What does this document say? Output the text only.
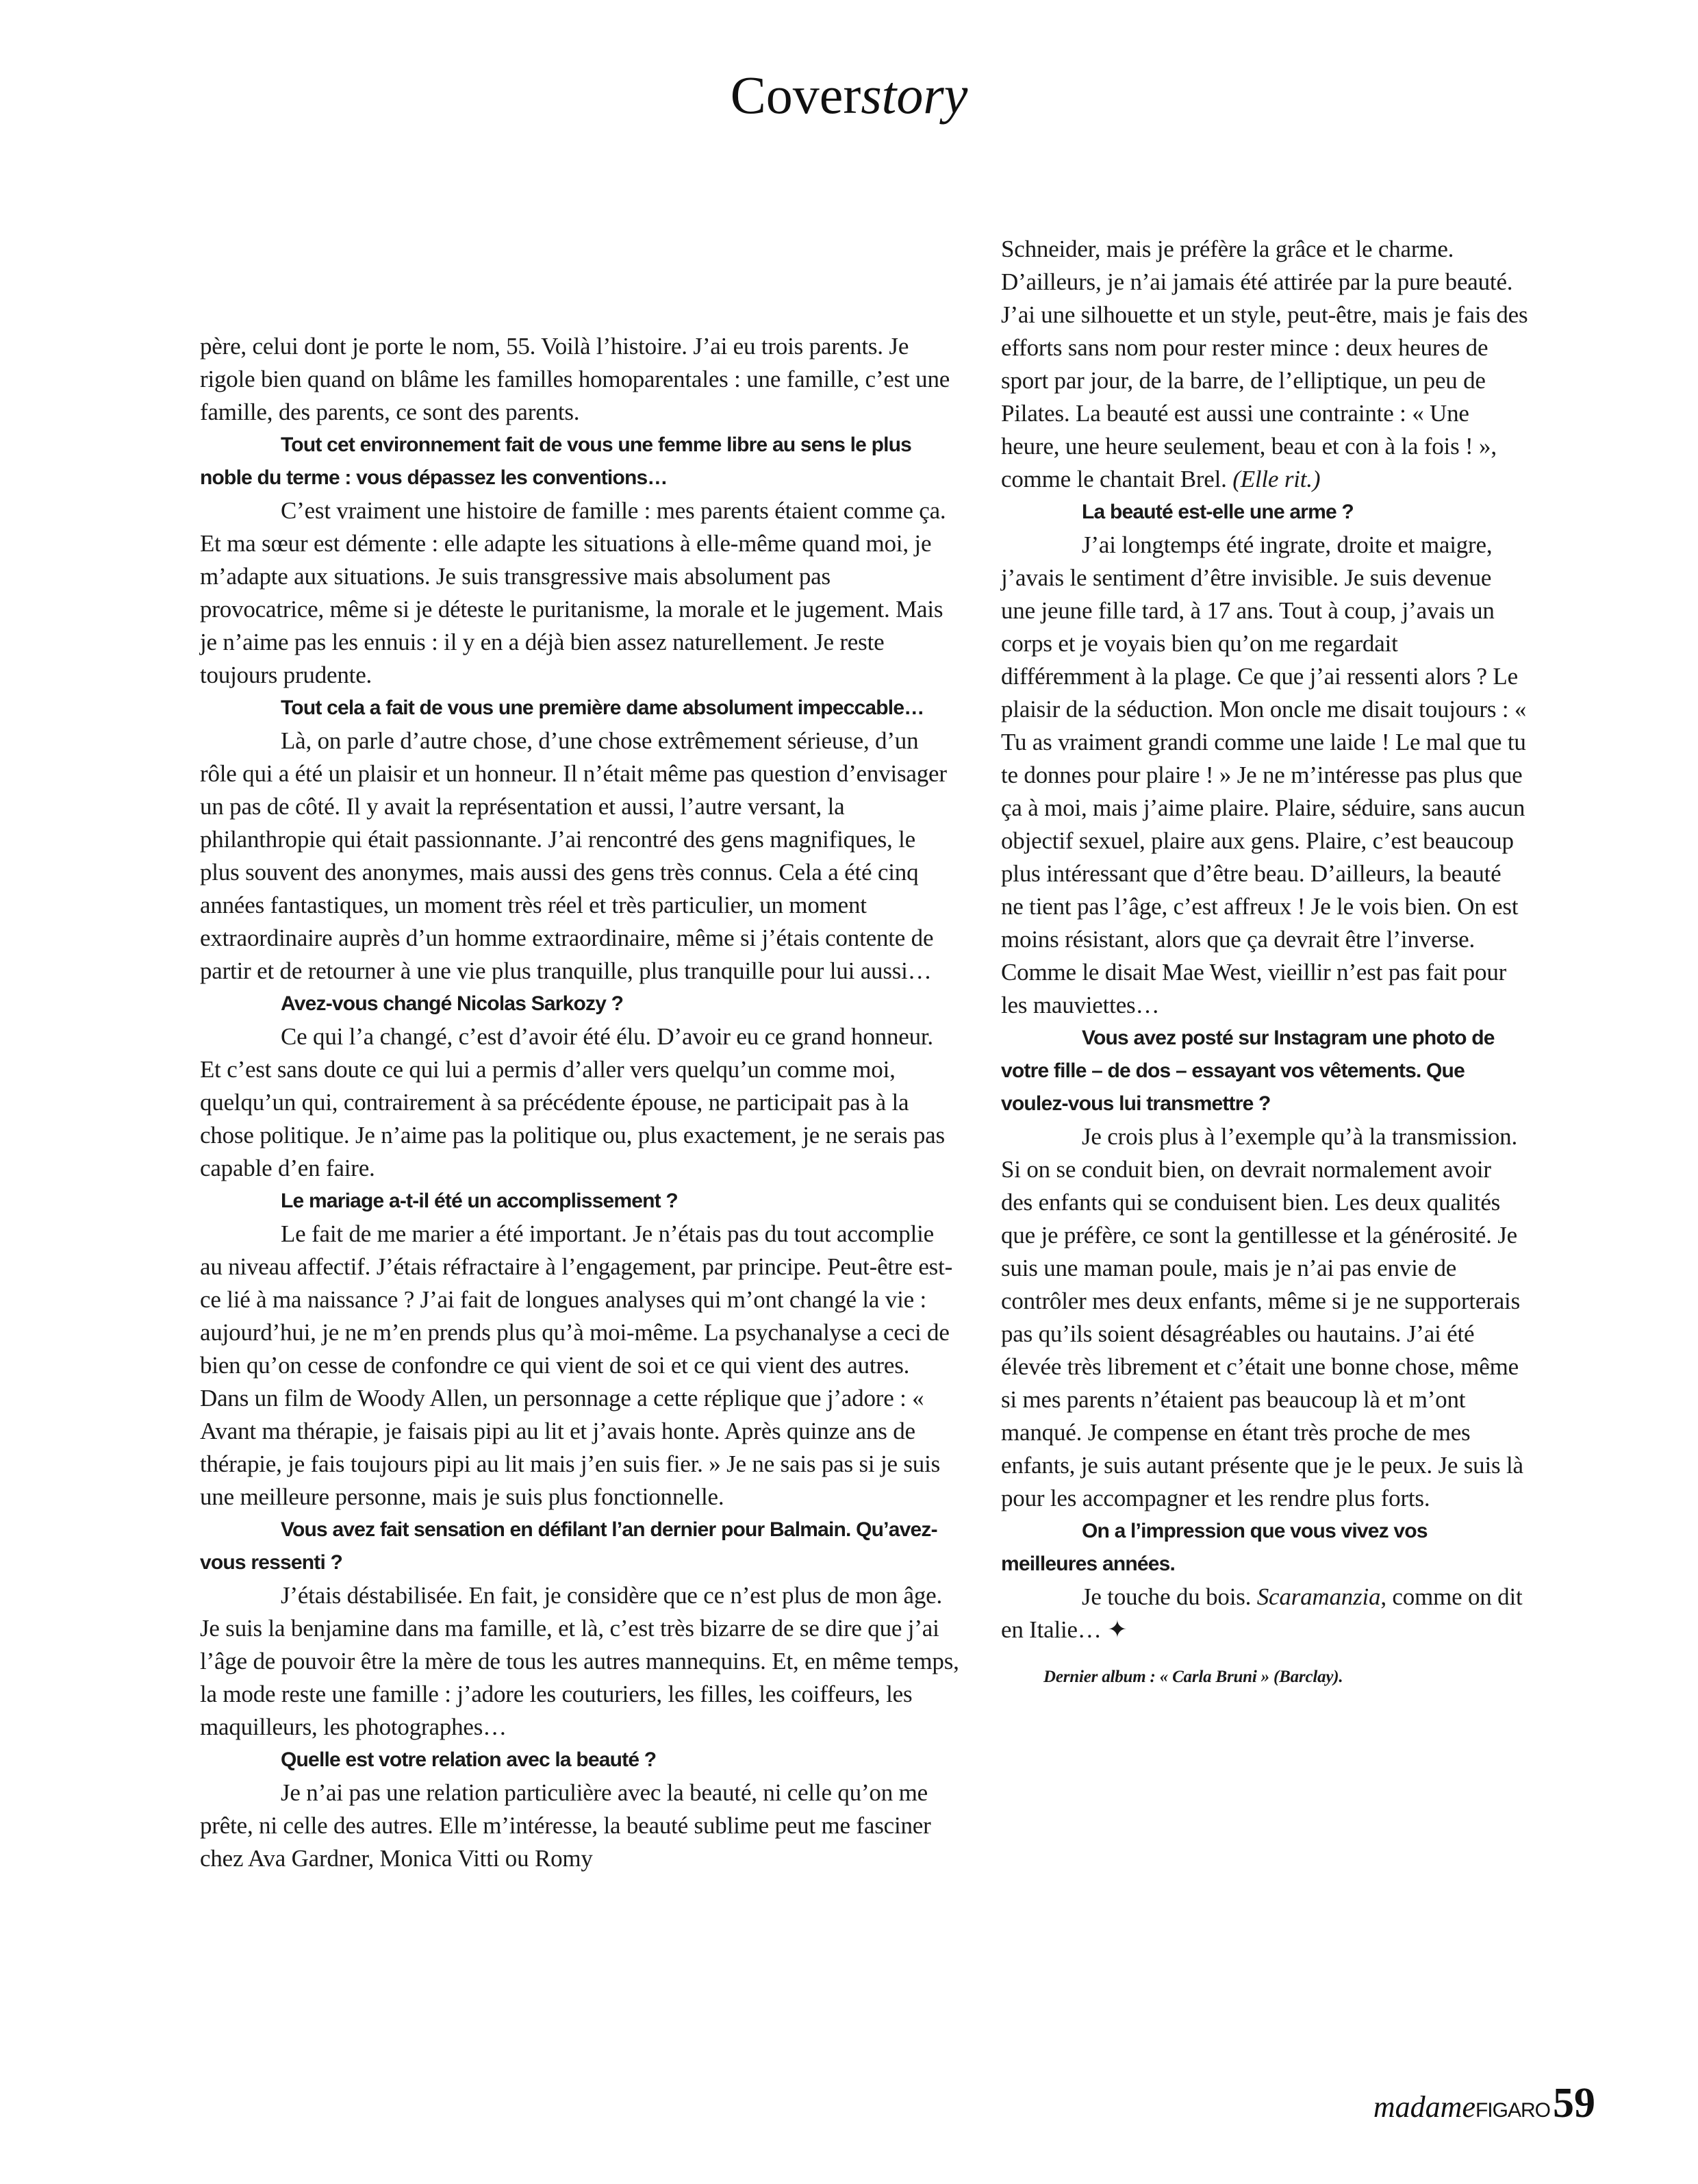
Coverstory

père, celui dont je porte le nom, 55. Voilà l’histoire. J’ai eu trois parents. Je rigole bien quand on blâme les familles homoparentales : une famille, c’est une famille, des parents, ce sont des parents.

Tout cet environnement fait de vous une femme libre au sens le plus noble du terme : vous dépassez les conventions…

C’est vraiment une histoire de famille : mes parents étaient comme ça. Et ma sœur est démente : elle adapte les situations à elle-même quand moi, je m’adapte aux situations. Je suis transgressive mais absolument pas provocatrice, même si je déteste le puritanisme, la morale et le jugement. Mais je n’aime pas les ennuis : il y en a déjà bien assez naturellement. Je reste toujours prudente.

Tout cela a fait de vous une première dame absolument impeccable…

Là, on parle d’autre chose, d’une chose extrêmement sérieuse, d’un rôle qui a été un plaisir et un honneur. Il n’était même pas question d’envisager un pas de côté. Il y avait la représentation et aussi, l’autre versant, la philanthropie qui était passionnante. J’ai rencontré des gens magnifiques, le plus souvent des anonymes, mais aussi des gens très connus. Cela a été cinq années fantastiques, un moment très réel et très particulier, un moment extraordinaire auprès d’un homme extraordinaire, même si j’étais contente de partir et de retourner à une vie plus tranquille, plus tranquille pour lui aussi…

Avez-vous changé Nicolas Sarkozy ?

Ce qui l’a changé, c’est d’avoir été élu. D’avoir eu ce grand honneur. Et c’est sans doute ce qui lui a permis d’aller vers quelqu’un comme moi, quelqu’un qui, contrairement à sa précédente épouse, ne participait pas à la chose politique. Je n’aime pas la politique ou, plus exactement, je ne serais pas capable d’en faire.

Le mariage a-t-il été un accomplissement ?

Le fait de me marier a été important. Je n’étais pas du tout accomplie au niveau affectif. J’étais réfractaire à l’engagement, par principe. Peut-être est-ce lié à ma naissance ? J’ai fait de longues analyses qui m’ont changé la vie : aujourd’hui, je ne m’en prends plus qu’à moi-même. La psychanalyse a ceci de bien qu’on cesse de confondre ce qui vient de soi et ce qui vient des autres. Dans un film de Woody Allen, un personnage a cette réplique que j’adore : « Avant ma thérapie, je faisais pipi au lit et j’avais honte. Après quinze ans de thérapie, je fais toujours pipi au lit mais j’en suis fier. » Je ne sais pas si je suis une meilleure personne, mais je suis plus fonctionnelle.

Vous avez fait sensation en défilant l’an dernier pour Balmain. Qu’avez-vous ressenti ?

J’étais déstabilisée. En fait, je considère que ce n’est plus de mon âge. Je suis la benjamine dans ma famille, et là, c’est très bizarre de se dire que j’ai l’âge de pouvoir être la mère de tous les autres mannequins. Et, en même temps, la mode reste une famille : j’adore les couturiers, les filles, les coiffeurs, les maquilleurs, les photographes…

Quelle est votre relation avec la beauté ?

Je n’ai pas une relation particulière avec la beauté, ni celle qu’on me prête, ni celle des autres. Elle m’intéresse, la beauté sublime peut me fasciner chez Ava Gardner, Monica Vitti ou Romy

Schneider, mais je préfère la grâce et le charme. D’ailleurs, je n’ai jamais été attirée par la pure beauté. J’ai une silhouette et un style, peut-être, mais je fais des efforts sans nom pour rester mince : deux heures de sport par jour, de la barre, de l’elliptique, un peu de Pilates. La beauté est aussi une contrainte : « Une heure, une heure seulement, beau et con à la fois ! », comme le chantait Brel. (Elle rit.)

La beauté est-elle une arme ?

J’ai longtemps été ingrate, droite et maigre, j’avais le sentiment d’être invisible. Je suis devenue une jeune fille tard, à 17 ans. Tout à coup, j’avais un corps et je voyais bien qu’on me regardait différemment à la plage. Ce que j’ai ressenti alors ? Le plaisir de la séduction. Mon oncle me disait toujours : « Tu as vraiment grandi comme une laide ! Le mal que tu te donnes pour plaire ! » Je ne m’intéresse pas plus que ça à moi, mais j’aime plaire. Plaire, séduire, sans aucun objectif sexuel, plaire aux gens. Plaire, c’est beaucoup plus intéressant que d’être beau. D’ailleurs, la beauté ne tient pas l’âge, c’est affreux ! Je le vois bien. On est moins résistant, alors que ça devrait être l’inverse. Comme le disait Mae West, vieillir n’est pas fait pour les mauviettes…

Vous avez posté sur Instagram une photo de votre fille – de dos – essayant vos vêtements. Que voulez-vous lui transmettre ?

Je crois plus à l’exemple qu’à la transmission. Si on se conduit bien, on devrait normalement avoir des enfants qui se conduisent bien. Les deux qualités que je préfère, ce sont la gentillesse et la générosité. Je suis une maman poule, mais je n’ai pas envie de contrôler mes deux enfants, même si je ne supporterais pas qu’ils soient désagréables ou hautains. J’ai été élevée très librement et c’était une bonne chose, même si mes parents n’étaient pas beaucoup là et m’ont manqué. Je compense en étant très proche de mes enfants, je suis autant présente que je le peux. Je suis là pour les accompagner et les rendre plus forts.

On a l’impression que vous vivez vos meilleures années.

Je touche du bois. Scaramanzia, comme on dit en Italie… ✦

Dernier album : « Carla Bruni » (Barclay).
madame FIGARO 59
